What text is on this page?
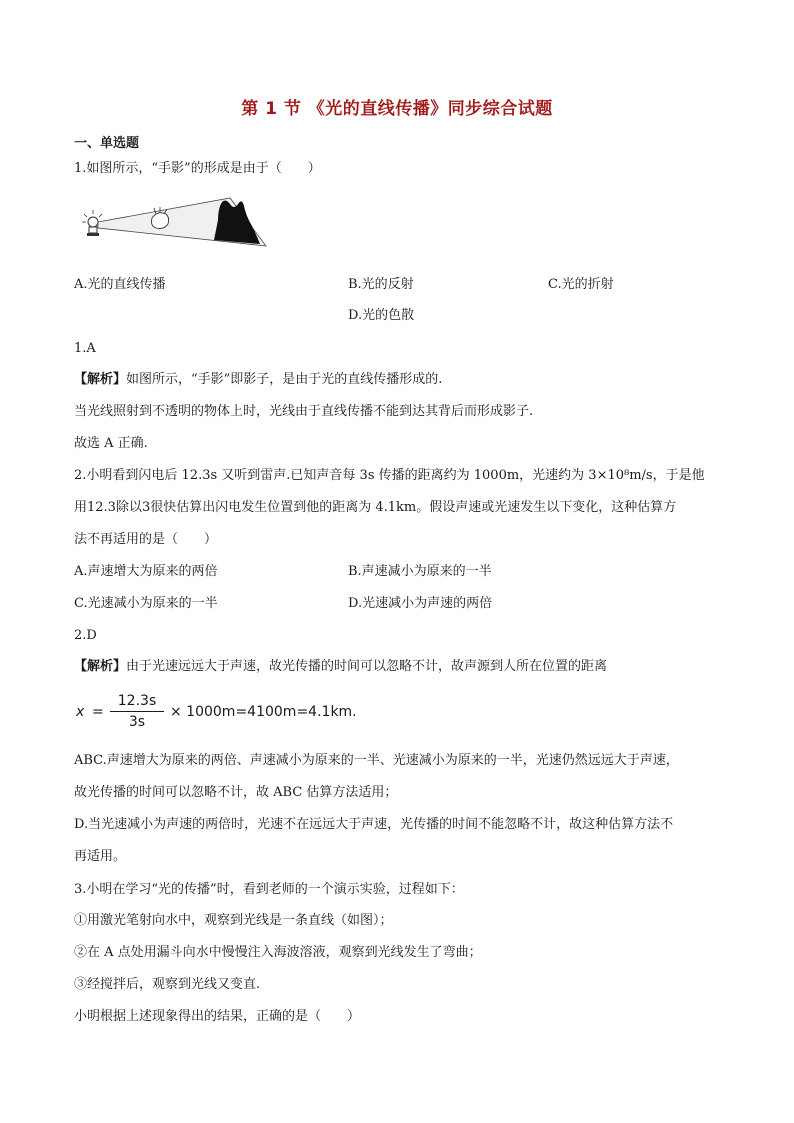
第 1 节 《光的直线传播》同步综合试题
一、单选题
1.如图所示，“手影”的形成是由于（　　）
A.光的直线传播	B.光的反射	C.光的折射
D.光的色散
1.A
【解析】如图所示，“手影”即影子，是由于光的直线传播形成的.
当光线照射到不透明的物体上时，光线由于直线传播不能到达其背后而形成影子.
故选 A 正确.
2.小明看到闪电后 12.3s 又听到雷声.已知声音每 3s 传播的距离约为 1000m，光速约为 3×10⁸m/s，于是他
用12.3除以3很快估算出闪电发生位置到他的距离为 4.1km。假设声速或光速发生以下变化，这种估算方
法不再适用的是（　　）
A.声速增大为原来的两倍	B.声速减小为原来的一半
C.光速减小为原来的一半	D.光速减小为声速的两倍
2.D
【解析】由于光速远远大于声速，故光传播的时间可以忽略不计，故声源到人所在位置的距离
x =
12.3s
3s
× 1000m=4100m=4.1km.
ABC.声速增大为原来的两倍、声速减小为原来的一半、光速减小为原来的一半，光速仍然远远大于声速，
故光传播的时间可以忽略不计，故 ABC 估算方法适用；
D.当光速减小为声速的两倍时，光速不在远远大于声速，光传播的时间不能忽略不计，故这种估算方法不
再适用。
3.小明在学习“光的传播”时，看到老师的一个演示实验，过程如下：
①用激光笔射向水中，观察到光线是一条直线（如图）；
②在 A 点处用漏斗向水中慢慢注入海波溶液，观察到光线发生了弯曲；
③经搅拌后，观察到光线又变直.
小明根据上述现象得出的结果，正确的是（　　）
